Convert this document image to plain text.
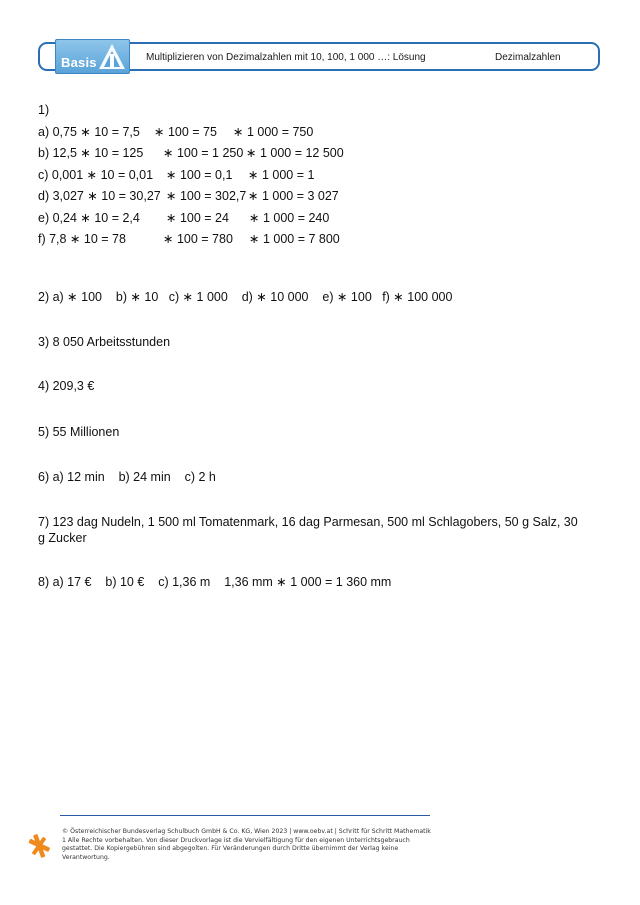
Basis	Multiplizieren von Dezimalzahlen mit 10, 100, 1 000 …: Lösung	Dezimalzahlen
1)
a) 0,75 ∗ 10 = 7,5 ∗ 100 = 75 ∗ 1 000 = 750
b) 12,5 ∗ 10 = 125 ∗ 100 = 1 250 ∗ 1 000 = 12 500
c) 0,001 ∗ 10 = 0,01 ∗ 100 = 0,1 ∗ 1 000 = 1
d) 3,027 ∗ 10 = 30,27 ∗ 100 = 302,7 ∗ 1 000 = 3 027
e) 0,24 ∗ 10 = 2,4 ∗ 100 = 24 ∗ 1 000 = 240
f) 7,8 ∗ 10 = 78	∗ 100 = 780 ∗ 1 000 = 7 800
2) a) ∗ 100    b) ∗ 10   c) ∗ 1 000    d) ∗ 10 000    e) ∗ 100   f) ∗ 100 000
3) 8 050 Arbeitsstunden
4) 209,3 €
5) 55 Millionen
6) a) 12 min    b) 24 min    c) 2 h
7) 123 dag Nudeln, 1 500 ml Tomatenmark, 16 dag Parmesan, 500 ml Schlagobers, 50 g Salz, 30 g Zucker
8) a) 17 €    b) 10 €    c) 1,36 m    1,36 mm ∗ 1 000 = 1 360 mm
© Österreichischer Bundesverlag Schulbuch GmbH & Co. KG, Wien 2023 | www.oebv.at | Schritt für Schritt Mathematik 1 Alle Rechte vorbehalten. Von dieser Druckvorlage ist die Vervielfältigung für den eigenen Unterrichtsgebrauch gestattet. Die Kopiergebühren sind abgegolten. Für Veränderungen durch Dritte übernimmt der Verlag keine Verantwortung.
